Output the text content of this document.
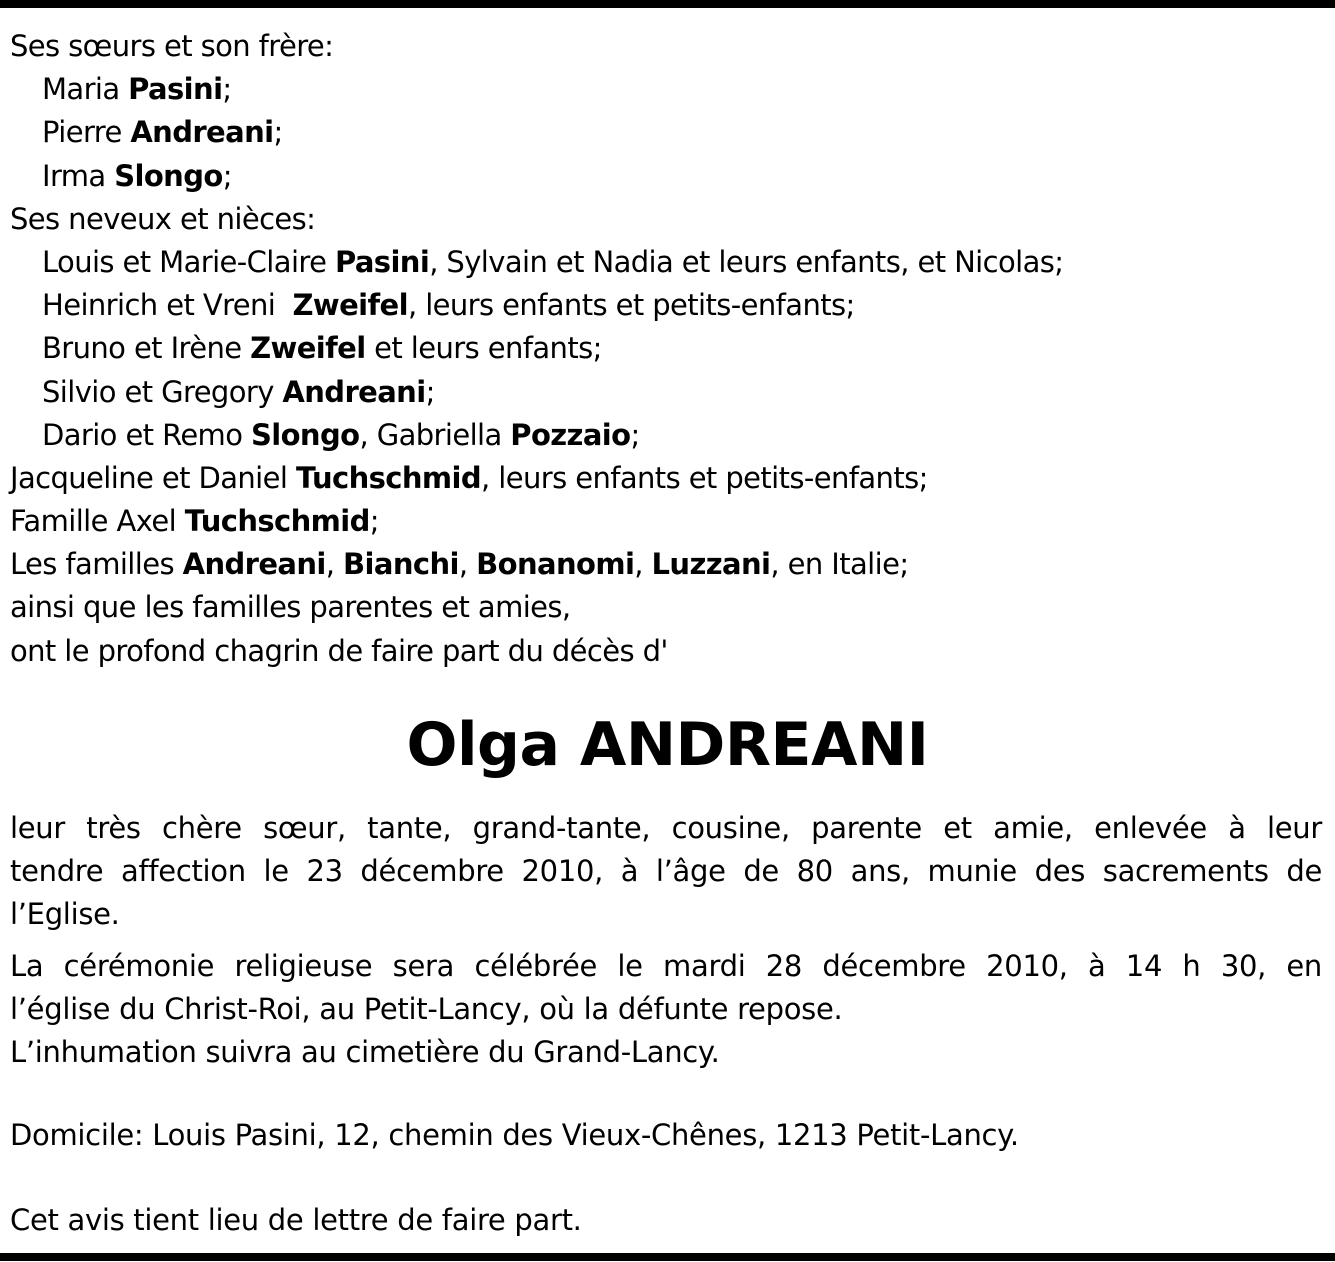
Ses sœurs et son frère:
Maria Pasini;
Pierre Andreani;
Irma Slongo;
Ses neveux et nièces:
Louis et Marie-Claire Pasini, Sylvain et Nadia et leurs enfants, et Nicolas;
Heinrich et Vreni  Zweifel, leurs enfants et petits-enfants;
Bruno et Irène Zweifel et leurs enfants;
Silvio et Gregory Andreani;
Dario et Remo Slongo, Gabriella Pozzaio;
Jacqueline et Daniel Tuchschmid, leurs enfants et petits-enfants;
Famille Axel Tuchschmid;
Les familles Andreani, Bianchi, Bonanomi, Luzzani, en Italie;
ainsi que les familles parentes et amies,
ont le profond chagrin de faire part du décès d'
Olga ANDREANI
leur très chère sœur, tante, grand-tante, cousine, parente et amie, enlevée à leur
tendre affection le 23 décembre 2010, à l’âge de 80 ans, munie des sacrements de
l’Eglise.
La cérémonie religieuse sera célébrée le mardi 28 décembre 2010, à 14 h 30, en
l’église du Christ-Roi, au Petit-Lancy, où la défunte repose.
L’inhumation suivra au cimetière du Grand-Lancy.
Domicile: Louis Pasini, 12, chemin des Vieux-Chênes, 1213 Petit-Lancy.
Cet avis tient lieu de lettre de faire part.
